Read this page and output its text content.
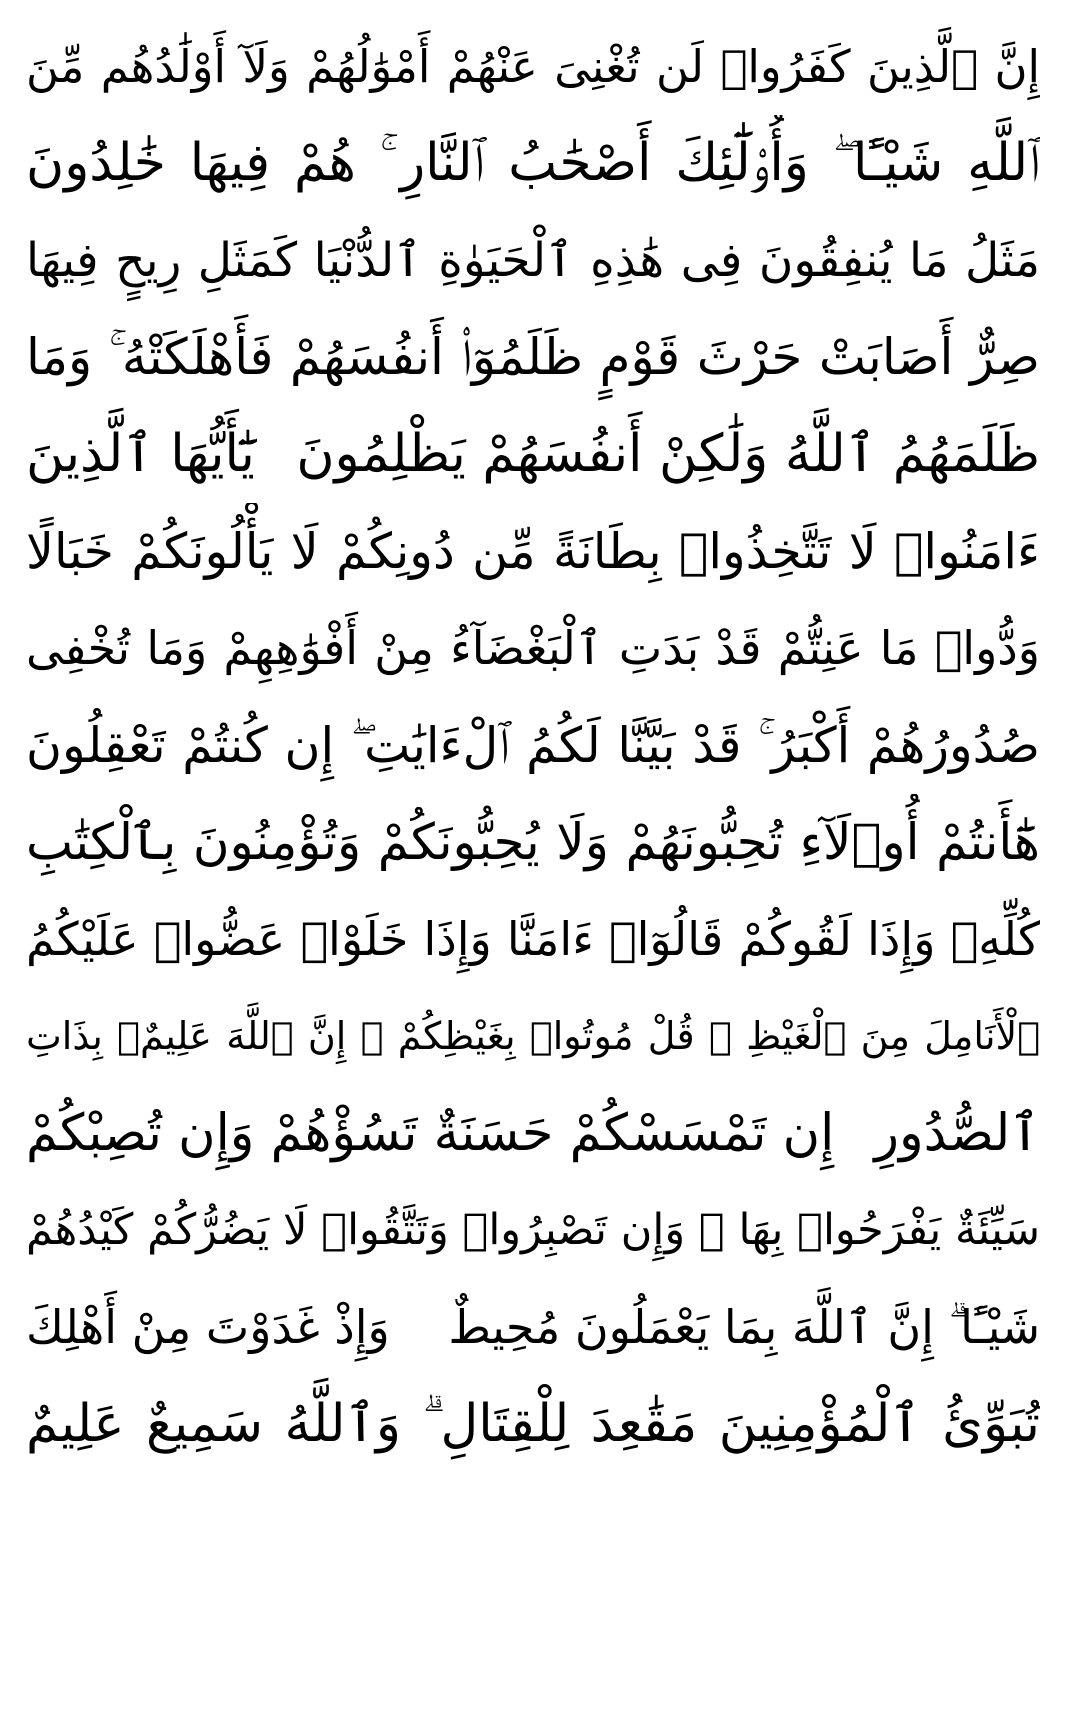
إِنَّ ٱلَّذِينَ كَفَرُوا۟ لَن تُغْنِىَ عَنْهُمْ أَمْوَٰلُهُمْ وَلَآ أَوْلَٰدُهُم مِّنَ
ٱللَّهِ شَيْـًٔا ۖ وَأُو۟لَٰٓئِكَ أَصْحَٰبُ ٱلنَّارِ ۚ هُمْ فِيهَا خَٰلِدُونَ
مَثَلُ مَا يُنفِقُونَ فِى هَٰذِهِ ٱلْحَيَوٰةِ ٱلدُّنْيَا كَمَثَلِ رِيحٍ فِيهَا
صِرٌّ أَصَابَتْ حَرْثَ قَوْمٍ ظَلَمُوٓا۟ أَنفُسَهُمْ فَأَهْلَكَتْهُ ۚ وَمَا
ظَلَمَهُمُ ٱللَّهُ وَلَٰكِنْ أَنفُسَهُمْ يَظْلِمُونَ
يَٰٓأَيُّهَا ٱلَّذِينَ
ءَامَنُوا۟ لَا تَتَّخِذُوا۟ بِطَانَةً مِّن دُونِكُمْ لَا يَأْلُونَكُمْ خَبَالًا
وَدُّوا۟ مَا عَنِتُّمْ قَدْ بَدَتِ ٱلْبَغْضَآءُ مِنْ أَفْوَٰهِهِمْ وَمَا تُخْفِى
صُدُورُهُمْ أَكْبَرُ ۚ قَدْ بَيَّنَّا لَكُمُ ٱلْءَايَٰتِ ۖ إِن كُنتُمْ تَعْقِلُونَ
هَٰٓأَنتُمْ أُو۟لَآءِ تُحِبُّونَهُمْ وَلَا يُحِبُّونَكُمْ وَتُؤْمِنُونَ بِٱلْكِتَٰبِ
كُلِّهِۦ وَإِذَا لَقُوكُمْ قَالُوٓا۟ ءَامَنَّا وَإِذَا خَلَوْا۟ عَضُّوا۟ عَلَيْكُمُ
ٱلْأَنَامِلَ مِنَ ٱلْغَيْظِ ۚ قُلْ مُوتُوا۟ بِغَيْظِكُمْ ۗ إِنَّ ٱللَّهَ عَلِيمٌۢ بِذَاتِ
ٱلصُّدُورِ
إِن تَمْسَسْكُمْ حَسَنَةٌ تَسُؤْهُمْ وَإِن تُصِبْكُمْ
سَيِّئَةٌ يَفْرَحُوا۟ بِهَا ۖ وَإِن تَصْبِرُوا۟ وَتَتَّقُوا۟ لَا يَضُرُّكُمْ كَيْدُهُمْ
شَيْـًٔا ۗ إِنَّ ٱللَّهَ بِمَا يَعْمَلُونَ مُحِيطٌ
وَإِذْ غَدَوْتَ مِنْ أَهْلِكَ
تُبَوِّئُ ٱلْمُؤْمِنِينَ مَقَٰعِدَ لِلْقِتَالِ ۗ وَٱللَّهُ سَمِيعٌ عَلِيمٌ
